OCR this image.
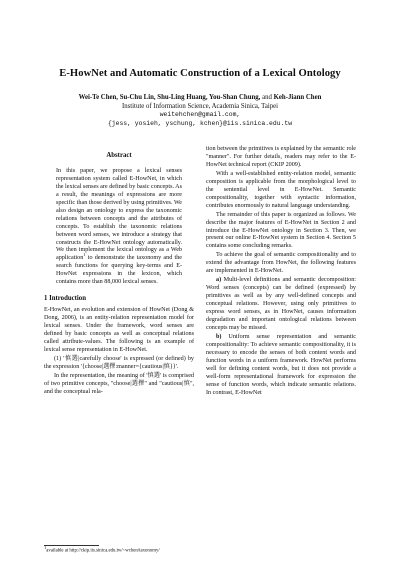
E-HowNet and Automatic Construction of a Lexical Ontology
Wei-Te Chen, Su-Chu Lin, Shu-Ling Huang, You-Shan Chung, and Keh-Jiann Chen
Institute of Information Science, Academia Sinica, Taipei
weitehchen@gmail.com,
{jess, yosieh, yschung, kchen}@iis.sinica.edu.tw
Abstract

In this paper, we propose a lexical senses representation system called E-HowNet, in which the lexical senses are defined by basic concepts. As a result, the meanings of expressions are more specific than those derived by using primitives. We also design an ontology to express the taxonomic relations between concepts and the attributes of concepts. To establish the taxonomic relations between word senses, we introduce a strategy that constructs the E-HowNet ontology automatically. We then implement the lexical ontology as a Web application$^1$ to demonstrate the taxonomy and the search functions for querying key-terms and E-HowNet expressions in the lexicon, which contains more than 88,000 lexical senses.

1 Introduction

E-HowNet, an evolution and extension of HowNet (Dong & Dong, 2006), is an entity-relation representation model for lexical senses. Under the framework, word senses are defined by basic concepts as well as conceptual relations called attribute-values. The following is an example of lexical sense representation in E-HowNet.

(1) '慎選|carefully choose' is expressed (or defined) by the expression '{choose|選擇:manner={cautious|慎}}'.

In the representation, the meaning of '慎選' is comprised of two primitive concepts, "choose|選擇" and "cautious|慎", and the conceptual rela-

tion between the primitives is explained by the semantic role "manner". For further details, readers may refer to the E-HowNet technical report (CKIP 2009).

With a well-established entity-relation model, semantic composition is applicable from the morphological level to the sentential level in E-HowNet. Semantic compositionality, together with syntactic information, contributes enormously to natural language understanding.

The remainder of this paper is organized as follows. We describe the major features of E-HowNet in Section 2 and introduce the E-HowNet ontology in Section 3. Then, we present our online E-HowNet system in Section 4. Section 5 contains some concluding remarks.

To achieve the goal of semantic compositionality and to extend the advantage from HowNet, the following features are implemented in E-HowNet.

a) Multi-level definitions and semantic decomposition: Word senses (concepts) can be defined (expressed) by primitives as well as by any well-defined concepts and conceptual relations. However, using only primitives to express word senses, as in HowNet, causes information degradation and important ontological relations between concepts may be missed.

b) Uniform sense representation and semantic compositionality: To achieve semantic compositionality, it is necessary to encode the senses of both content words and function words in a uniform framework. HowNet performs well for defining content words, but it does not provide a well-form representational framework for expression the sense of function words, which indicate semantic relations. In contrast, E-HowNet

1available at http://ckip.iis.sinica.edu.tw/~wchen/taxonomy/
